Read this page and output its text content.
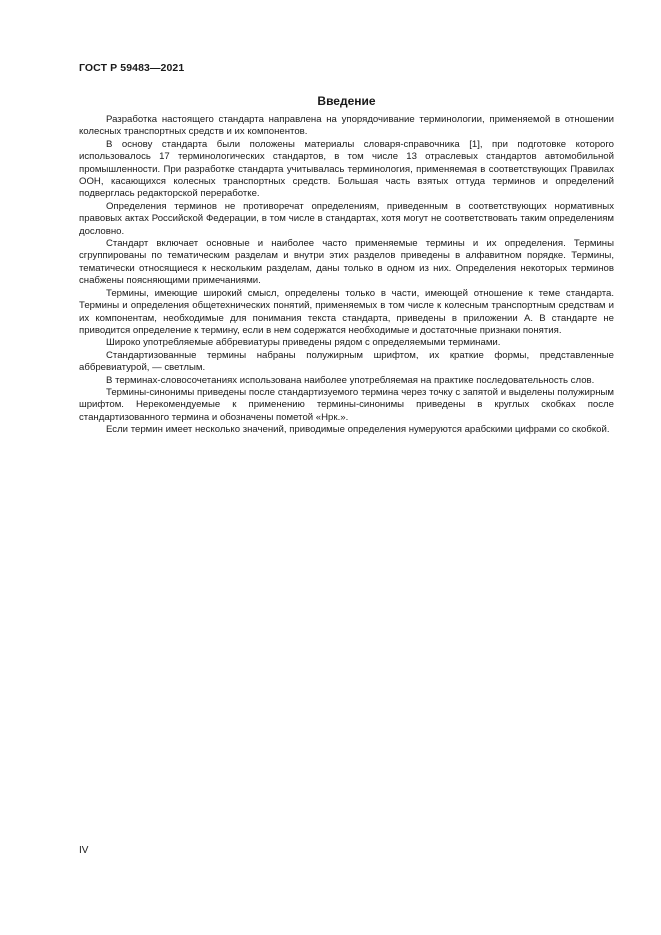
ГОСТ Р 59483—2021
Введение

Разработка настоящего стандарта направлена на упорядочивание терминологии, применяемой в отношении колесных транспортных средств и их компонентов.

В основу стандарта были положены материалы словаря-справочника [1], при подготовке которого использовалось 17 терминологических стандартов, в том числе 13 отраслевых стандартов автомобильной промышленности. При разработке стандарта учитывалась терминология, применяемая в соответствующих Правилах ООН, касающихся колесных транспортных средств. Большая часть взятых оттуда терминов и определений подверглась редакторской переработке.

Определения терминов не противоречат определениям, приведенным в соответствующих нормативных правовых актах Российской Федерации, в том числе в стандартах, хотя могут не соответствовать таким определениям дословно.

Стандарт включает основные и наиболее часто применяемые термины и их определения. Термины сгруппированы по тематическим разделам и внутри этих разделов приведены в алфавитном порядке. Термины, тематически относящиеся к нескольким разделам, даны только в одном из них. Определения некоторых терминов снабжены поясняющими примечаниями.

Термины, имеющие широкий смысл, определены только в части, имеющей отношение к теме стандарта. Термины и определения общетехнических понятий, применяемых в том числе к колесным транспортным средствам и их компонентам, необходимые для понимания текста стандарта, приведены в приложении А. В стандарте не приводится определение к термину, если в нем содержатся необходимые и достаточные признаки понятия.

Широко употребляемые аббревиатуры приведены рядом с определяемыми терминами.

Стандартизованные термины набраны полужирным шрифтом, их краткие формы, представленные аббревиатурой, — светлым.

В терминах-словосочетаниях использована наиболее употребляемая на практике последовательность слов.

Термины-синонимы приведены после стандартизуемого термина через точку с запятой и выделены полужирным шрифтом. Нерекомендуемые к применению термины-синонимы приведены в круглых скобках после стандартизованного термина и обозначены пометой «Нрк.».

Если термин имеет несколько значений, приводимые определения нумеруются арабскими цифрами со скобкой.

IV
